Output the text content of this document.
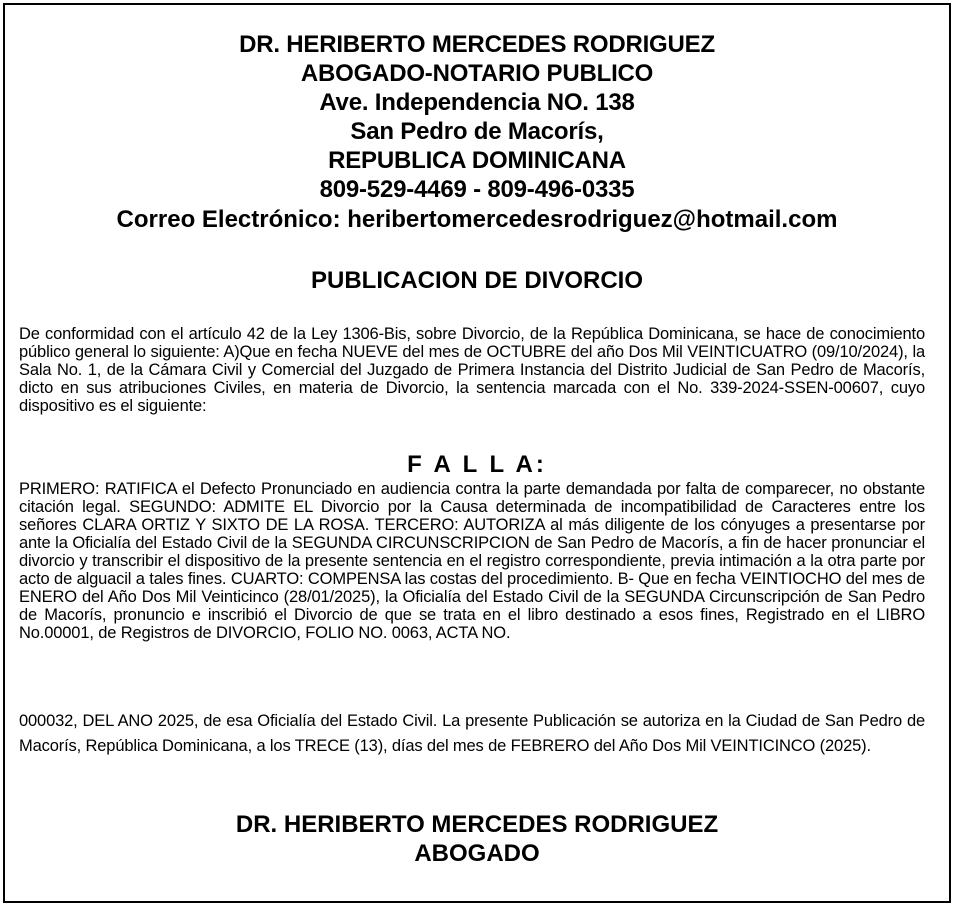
DR. HERIBERTO MERCEDES RODRIGUEZ
ABOGADO-NOTARIO PUBLICO
Ave. Independencia NO. 138
San Pedro de Macorís,
REPUBLICA DOMINICANA
809-529-4469 - 809-496-0335
Correo Electrónico: heribertomercedesrodriguez@hotmail.com
PUBLICACION DE DIVORCIO
De conformidad con el artículo 42 de la Ley 1306-Bis, sobre Divorcio, de la República Dominicana, se hace de conocimiento público general lo siguiente: A)Que en fecha NUEVE del mes de OCTUBRE del año Dos Mil VEINTICUATRO (09/10/2024), la Sala No. 1, de la Cámara Civil y Comercial del Juzgado de Primera Instancia del Distrito Judicial de San Pedro de Macorís, dicto en sus atribuciones Civiles, en materia de Divorcio, la sentencia marcada con el No. 339-2024-SSEN-00607, cuyo dispositivo es el siguiente:
F A L L A:
PRIMERO: RATIFICA el Defecto Pronunciado en audiencia contra la parte demandada por falta de comparecer, no obstante citación legal. SEGUNDO: ADMITE EL Divorcio por la Causa determinada de incompatibilidad de Caracteres entre los señores CLARA ORTIZ Y SIXTO DE LA ROSA. TERCERO: AUTORIZA al más diligente de los cónyuges a presentarse por ante la Oficialía del Estado Civil de la SEGUNDA CIRCUNSCRIPCION de San Pedro de Macorís, a fin de hacer pronunciar el divorcio y transcribir el dispositivo de la presente sentencia en el registro correspondiente, previa intimación a la otra parte por acto de alguacil a tales fines. CUARTO: COMPENSA las costas del procedimiento. B- Que en fecha VEINTIOCHO del mes de ENERO del Año Dos Mil Veinticinco (28/01/2025), la Oficialía del Estado Civil de la SEGUNDA Circunscripción de San Pedro de Macorís, pronuncio e inscribió el Divorcio de que se trata en el libro destinado a esos fines, Registrado en el LIBRO No.00001, de Registros de DIVORCIO, FOLIO NO. 0063, ACTA NO.
000032, DEL ANO 2025, de esa Oficialía del Estado Civil. La presente Publicación se autoriza en la Ciudad de San Pedro de Macorís, República Dominicana, a los TRECE (13), días del mes de FEBRERO del Año Dos Mil VEINTICINCO (2025).
DR. HERIBERTO MERCEDES RODRIGUEZ
ABOGADO
